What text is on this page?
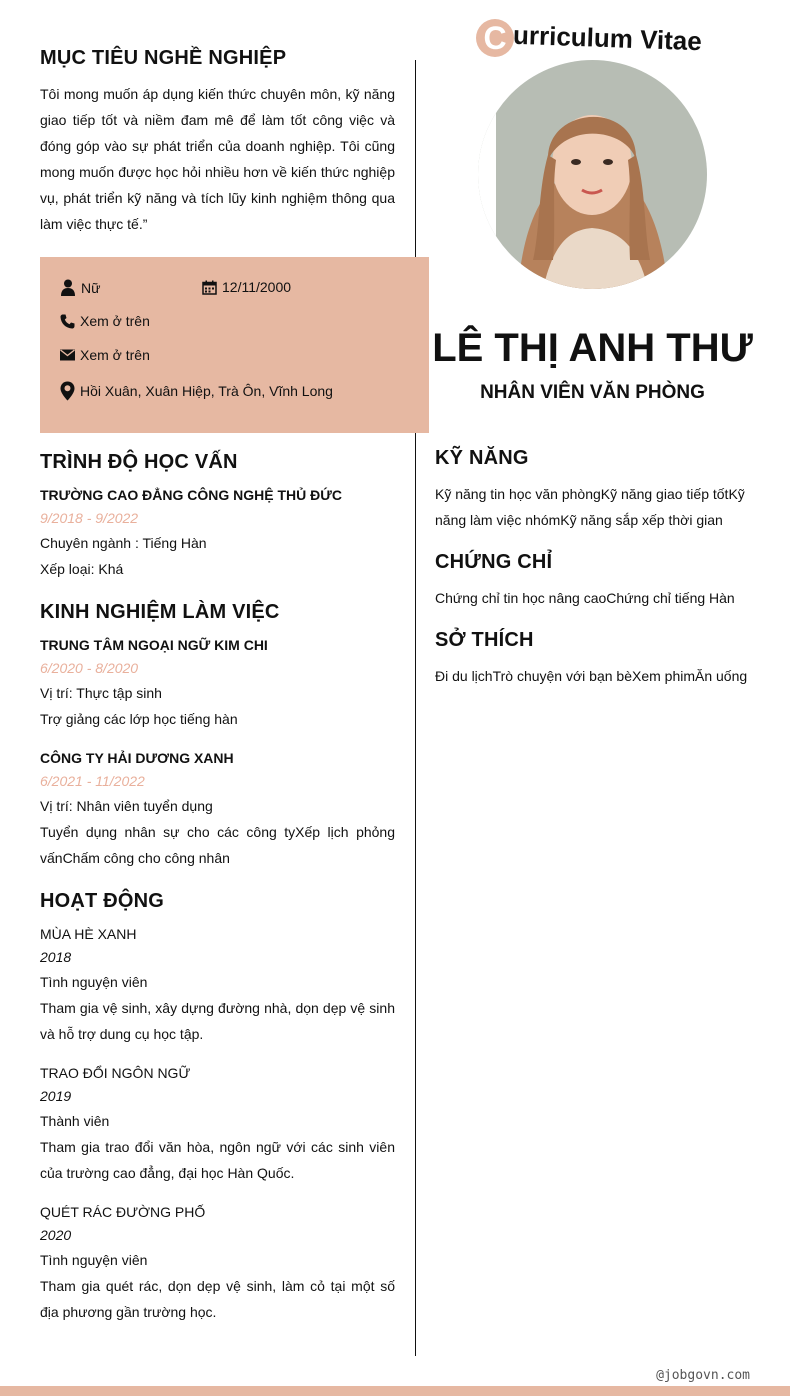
C urriculum Vitae
MỤC TIÊU NGHỀ NGHIỆP
Tôi mong muốn áp dụng kiến thức chuyên môn, kỹ năng giao tiếp tốt và niềm đam mê để làm tốt công việc và đóng góp vào sự phát triển của doanh nghiệp. Tôi cũng mong muốn được học hỏi nhiều hơn về kiến thức nghiệp vụ, phát triển kỹ năng và tích lũy kinh nghiệm thông qua làm việc thực tế.”
Nữ	12/11/2000
Xem ở trên
Xem ở trên
Hồi Xuân, Xuân Hiệp, Trà Ôn, Vĩnh Long
LÊ THỊ ANH THƯ
NHÂN VIÊN VĂN PHÒNG
TRÌNH ĐỘ HỌC VẤN
TRƯỜNG CAO ĐẲNG CÔNG NGHỆ THỦ ĐỨC
9/2018 - 9/2022
Chuyên ngành : Tiếng Hàn
Xếp loại: Khá
KINH NGHIỆM LÀM VIỆC
TRUNG TÂM NGOẠI NGỮ KIM CHI
6/2020 - 8/2020
Vị trí: Thực tập sinh
Trợ giảng các lớp học tiếng hàn
CÔNG TY HẢI DƯƠNG XANH
6/2021 - 11/2022
Vị trí: Nhân viên tuyển dụng
Tuyển dụng nhân sự cho các công tyXếp lịch phỏng vấnChấm công cho công nhân
HOẠT ĐỘNG
MÙA HÈ XANH
2018
Tình nguyện viên
Tham gia vệ sinh, xây dựng đường nhà, dọn dẹp vệ sinh và hỗ trợ dung cụ học tập.
TRAO ĐỔI NGÔN NGỮ
2019
Thành viên
Tham gia trao đổi văn hòa, ngôn ngữ với các sinh viên của trường cao đẳng, đại học Hàn Quốc.
QUÉT RÁC ĐƯỜNG PHỐ
2020
Tình nguyện viên
Tham gia quét rác, dọn dẹp vệ sinh, làm cỏ tại một số địa phương gần trường học.
KỸ NĂNG
Kỹ năng tin học văn phòngKỹ năng giao tiếp tốtKỹ năng làm việc nhómKỹ năng sắp xếp thời gian
CHỨNG CHỈ
Chứng chỉ tin học nâng caoChứng chỉ tiếng Hàn
SỞ THÍCH
Đi du lịchTrò chuyện với bạn bèXem phimĂn uống
@jobgovn.com
